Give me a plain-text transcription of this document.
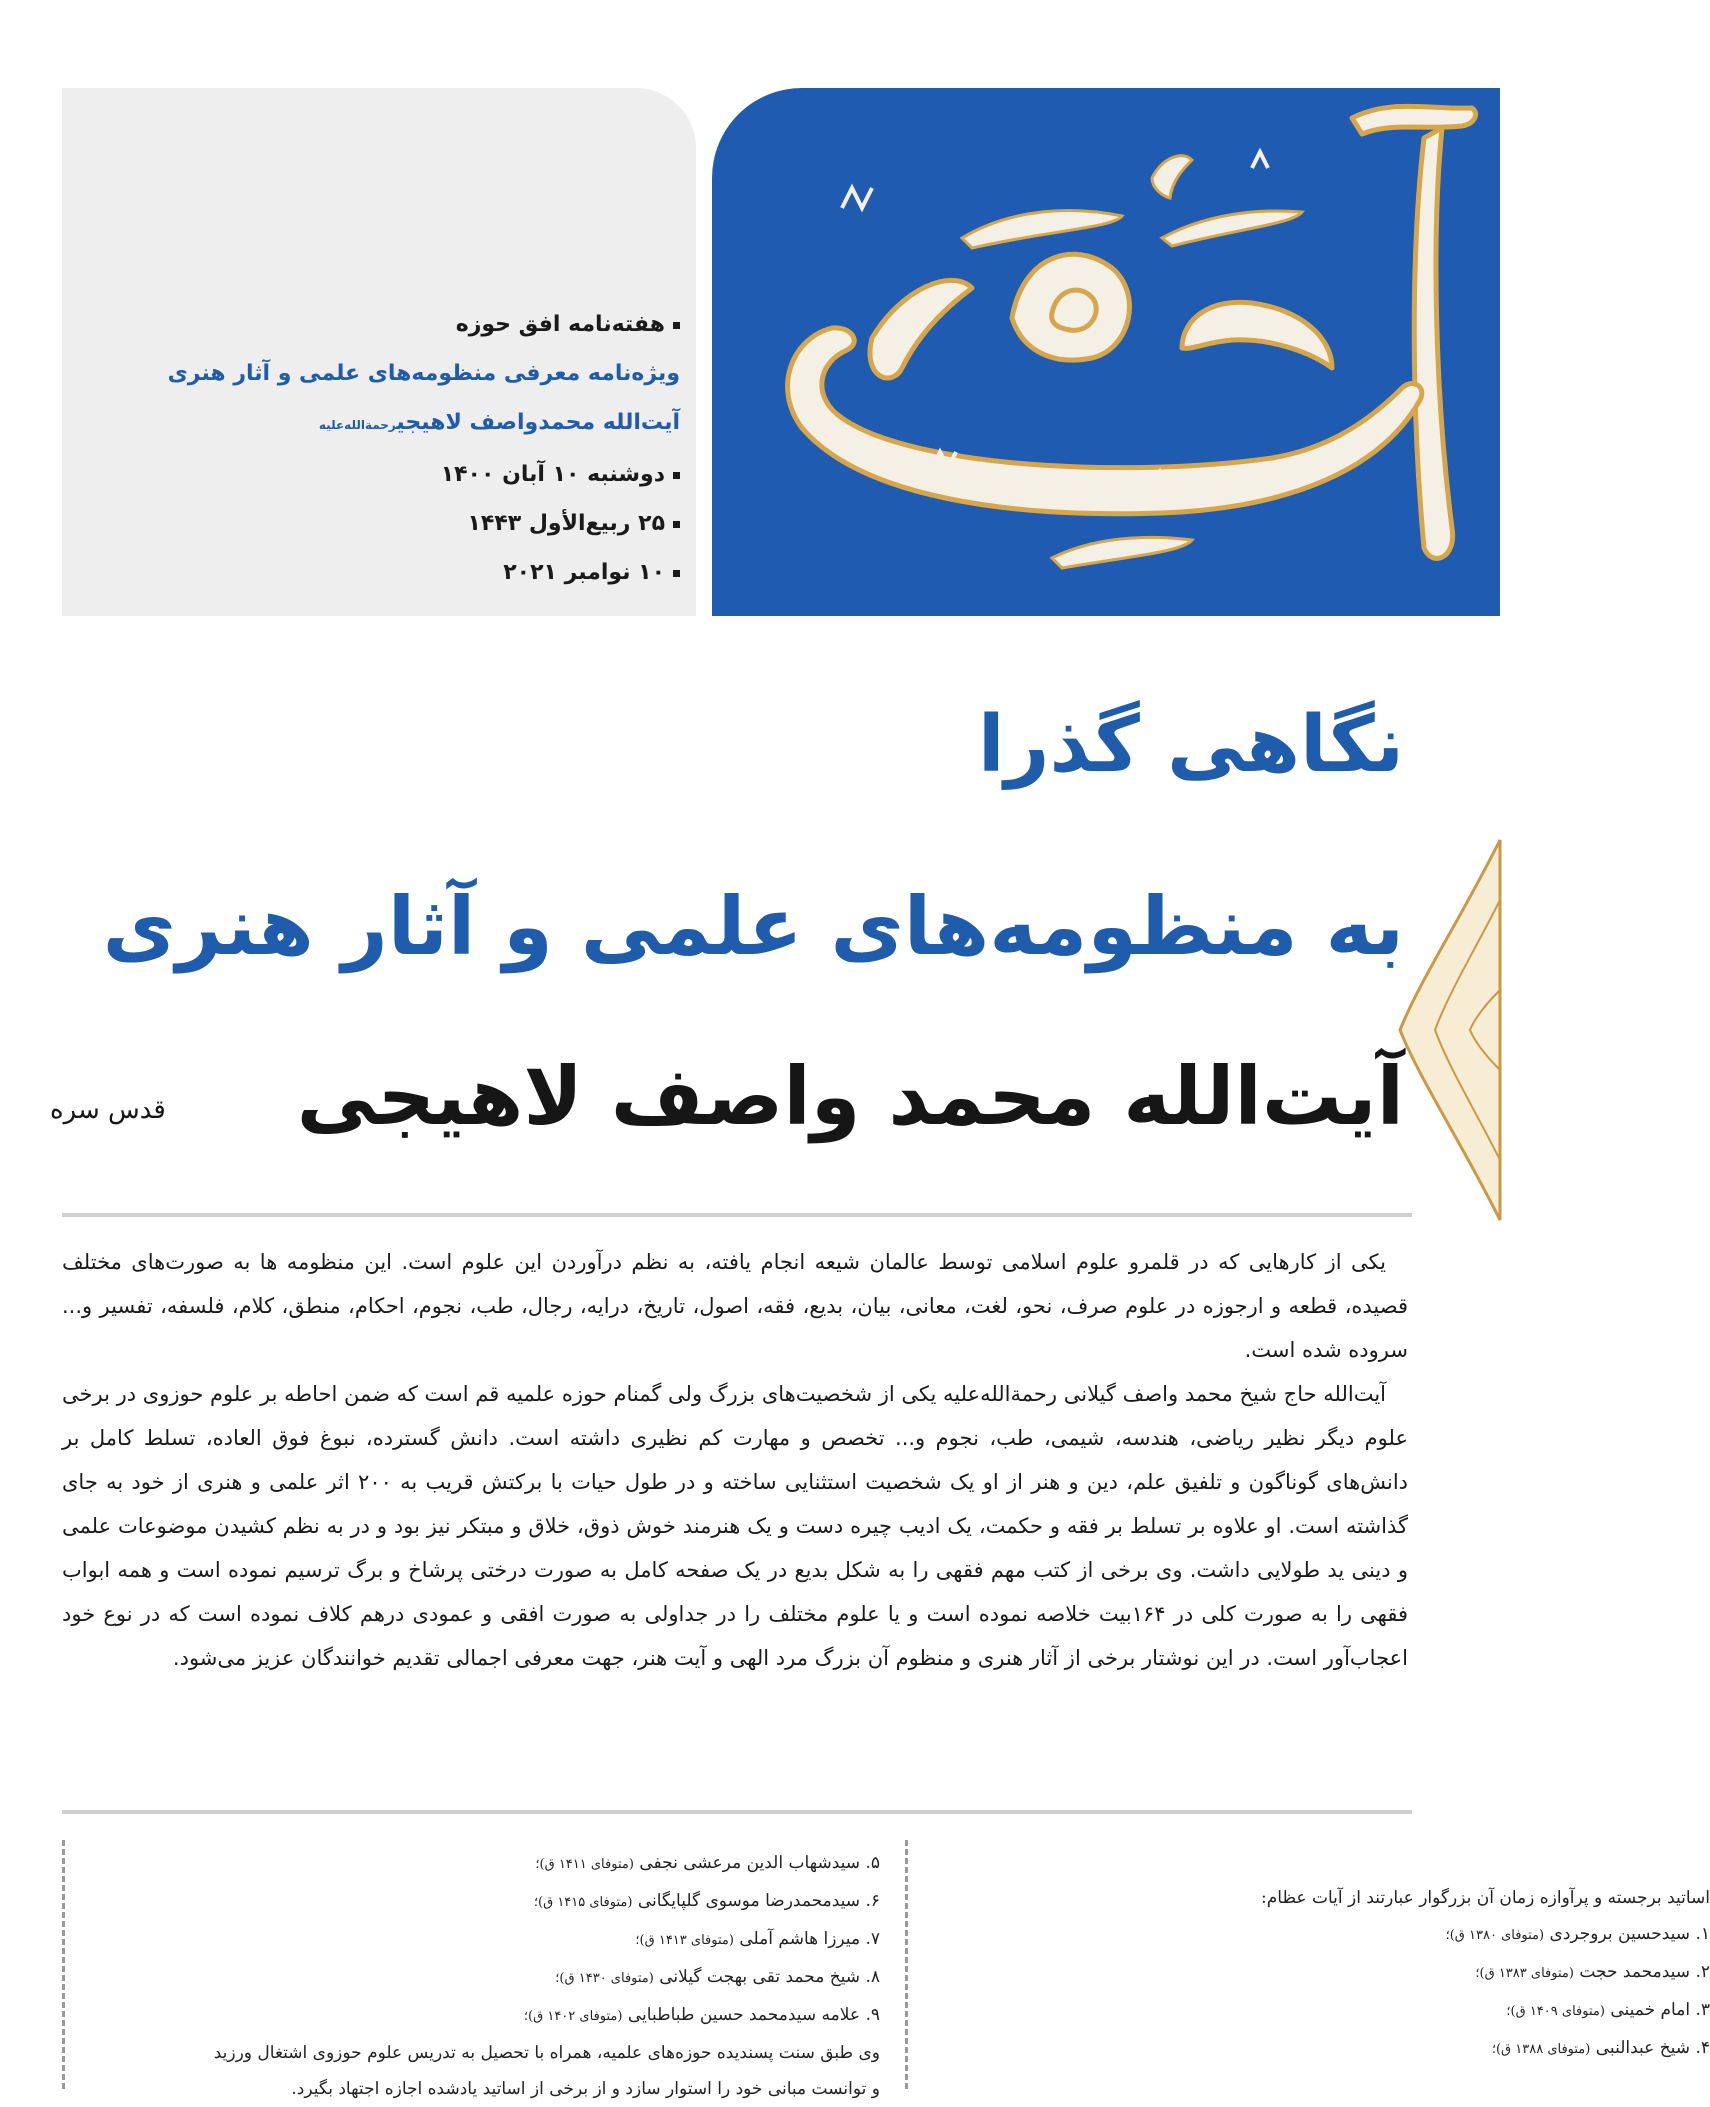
هفته‌نامه افق حوزه
ویژه‌نامه معرفی منظومه‌های علمی و آثار هنری
آیت‌الله محمدواصف لاهیجیرحمة‌الله‌علیه
دوشنبه ۱۰ آبان ۱۴۰۰
۲۵ ربیع‌الأول ۱۴۴۳
۱۰ نوامبر ۲۰۲۱
نگاهی گذرا
به منظومه‌های علمی و آثار هنری
آیت‌الله محمد واصف لاهیجی
قدس سره

یکی از کارهایی که در قلمرو علوم اسلامی توسط عالمان شیعه انجام یافته، به نظم درآوردن این علوم است. این منظومه ها به صورت‌های مختلف قصیده، قطعه و ارجوزه در علوم صرف، نحو، لغت، معانی، بیان، بدیع، فقه، اصول، تاریخ، درایه، رجال، طب، نجوم، احکام، منطق، کلام، فلسفه، تفسیر و... سروده شده است.

آیت‌الله حاج شیخ محمد واصف گیلانی رحمة‌الله‌علیه یکی از شخصیت‌های بزرگ ولی گمنام حوزه علمیه قم است که ضمن احاطه بر علوم حوزوی در برخی علوم دیگر نظیر ریاضی، هندسه، شیمی، طب، نجوم و... تخصص و مهارت کم نظیری داشته است. دانش گسترده، نبوغ فوق العاده، تسلط کامل بر دانش‌های گوناگون و تلفیق علم، دین و هنر از او یک شخصیت استثنایی ساخته و در طول حیات با برکتش قریب به ۲۰۰ اثر علمی و هنری از خود به جای گذاشته است. او علاوه بر تسلط بر فقه و حکمت، یک ادیب چیره دست و یک هنرمند خوش ذوق، خلاق و مبتکر نیز بود و در به نظم کشیدن موضوعات علمی و دینی ید طولایی داشت. وی برخی از کتب مهم فقهی را به شکل بدیع در یک صفحه کامل به صورت درختی پرشاخ و برگ ترسیم نموده است و همه ابواب فقهی را به صورت کلی در ۱۶۴بیت خلاصه نموده است و یا علوم مختلف را در جداولی به صورت افقی و عمودی درهم کلاف نموده است که در نوع خود اعجاب‌آور است. در این نوشتار برخی از آثار هنری و منظوم آن بزرگ مرد الهی و آیت هنر، جهت معرفی اجمالی تقدیم خوانندگان عزیز می‌شود.

۵. سیدشهاب الدین مرعشی نجفی (متوفای ۱۴۱۱ ق)؛
۶. سیدمحمدرضا موسوی گلپایگانی (متوفای ۱۴۱۵ ق)؛
۷. میرزا هاشم آملی (متوفای ۱۴۱۳ ق)؛
۸. شیخ محمد تقی بهجت گیلانی (متوفای ۱۴۳۰ ق)؛
۹. علامه سیدمحمد حسین طباطبایی (متوفای ۱۴۰۲ ق)؛
وی طبق سنت پسندیده حوزه‌های علمیه، همراه با تحصیل به تدریس علوم حوزوی اشتغال ورزید
و توانست مبانی خود را استوار سازد و از برخی از اساتید یادشده اجازه اجتهاد بگیرد.
اساتید برجسته و پرآوازه زمان آن بزرگوار عبارتند از آیات عظام:
۱. سیدحسین بروجردی (متوفای ۱۳۸۰ ق)؛
۲. سیدمحمد حجت (متوفای ۱۳۸۳ ق)؛
۳. امام خمینی (متوفای ۱۴۰۹ ق)؛
۴. شیخ عبدالنبی (متوفای ۱۳۸۸ ق)؛
